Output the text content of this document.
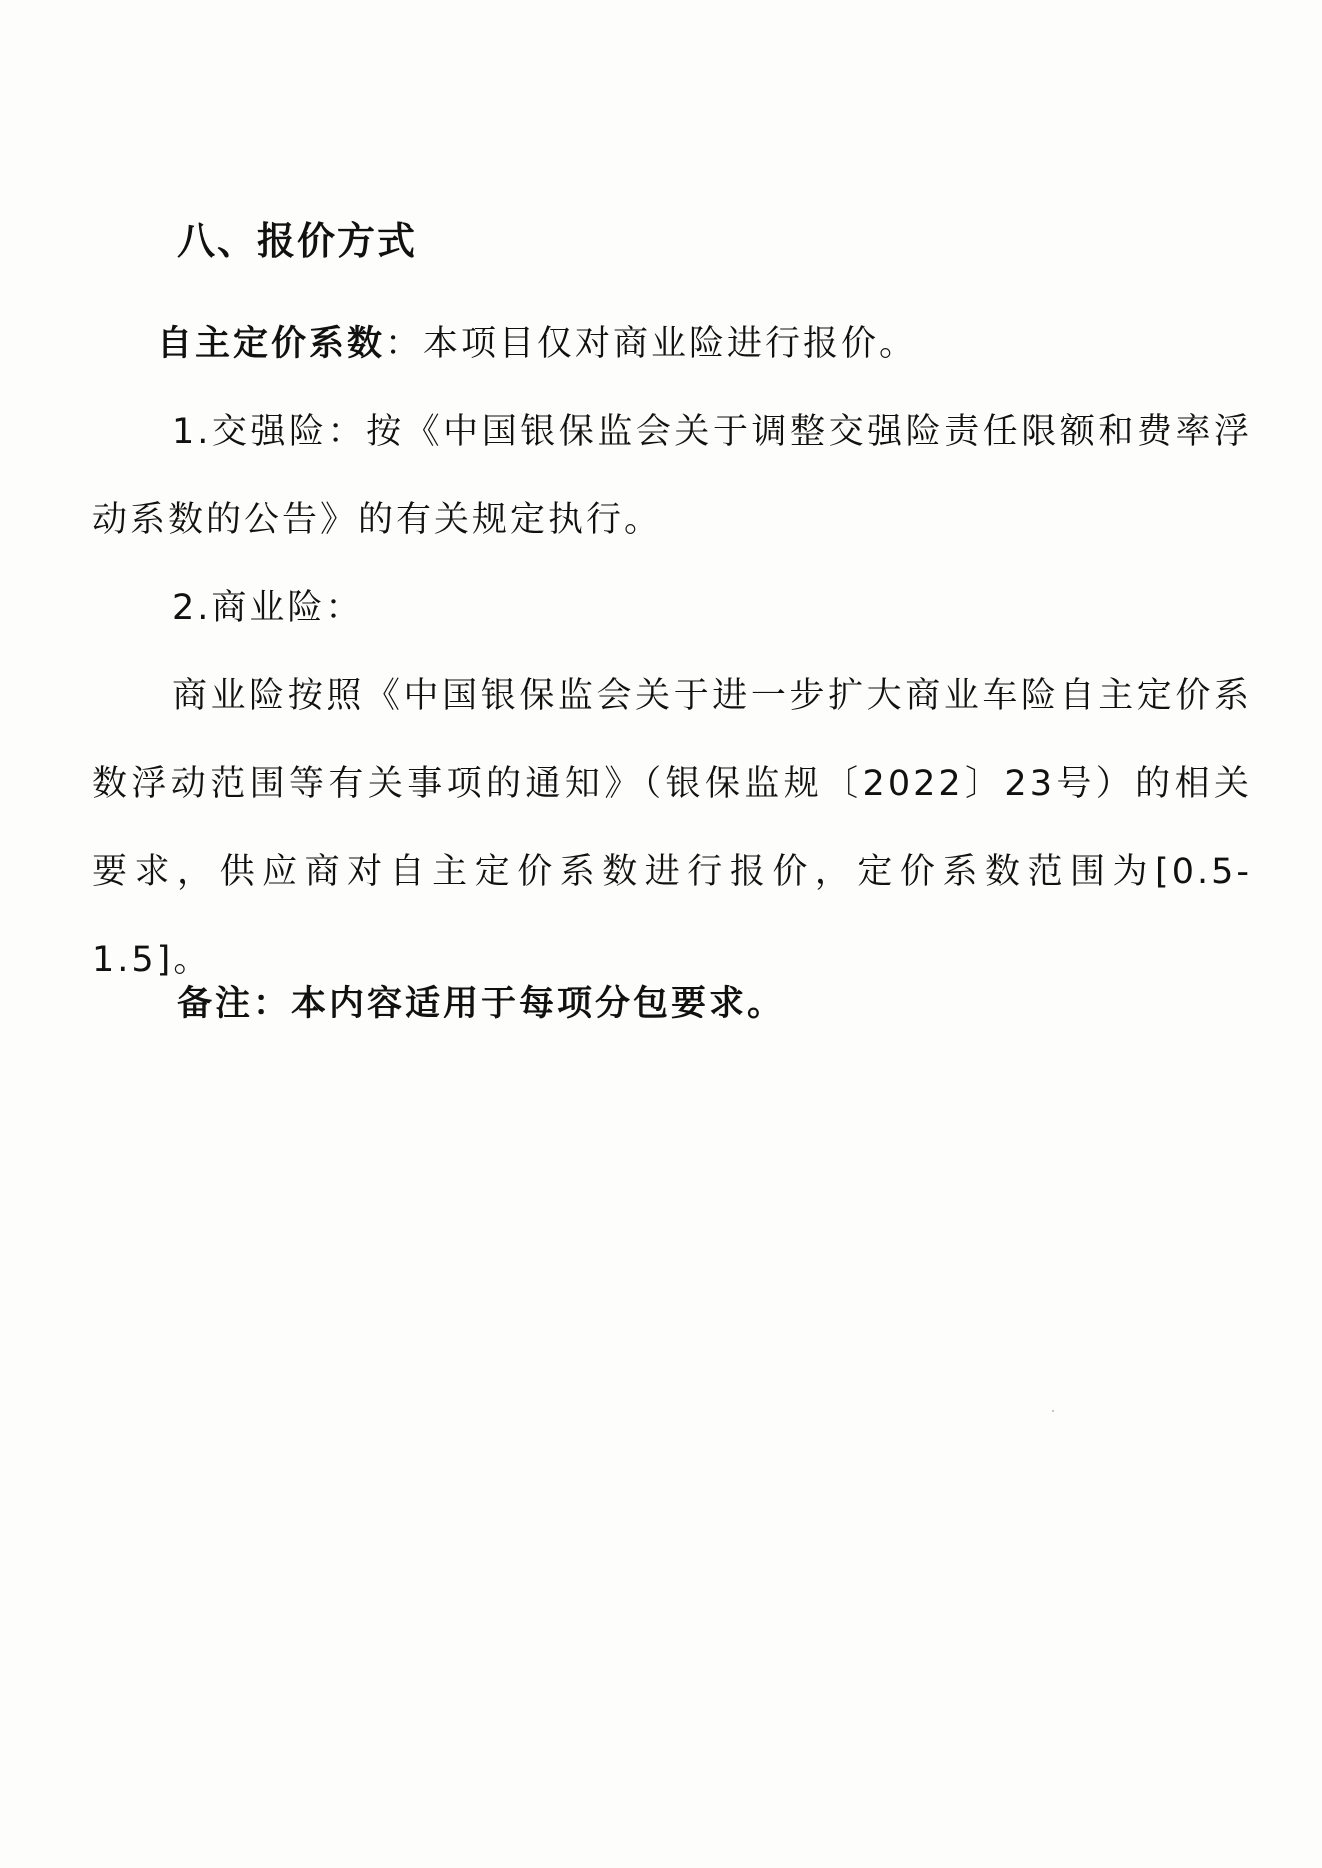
八、报价方式

自主定价系数：本项目仅对商业险进行报价。

1.交强险：按《中国银保监会关于调整交强险责任限额和费率浮动系数的公告》的有关规定执行。

2.商业险：

商业险按照《中国银保监会关于进一步扩大商业车险自主定价系数浮动范围等有关事项的通知》（银保监规〔2022〕23号）的相关要求，供应商对自主定价系数进行报价，定价系数范围为[0.5-1.5]。

备注：本内容适用于每项分包要求。
